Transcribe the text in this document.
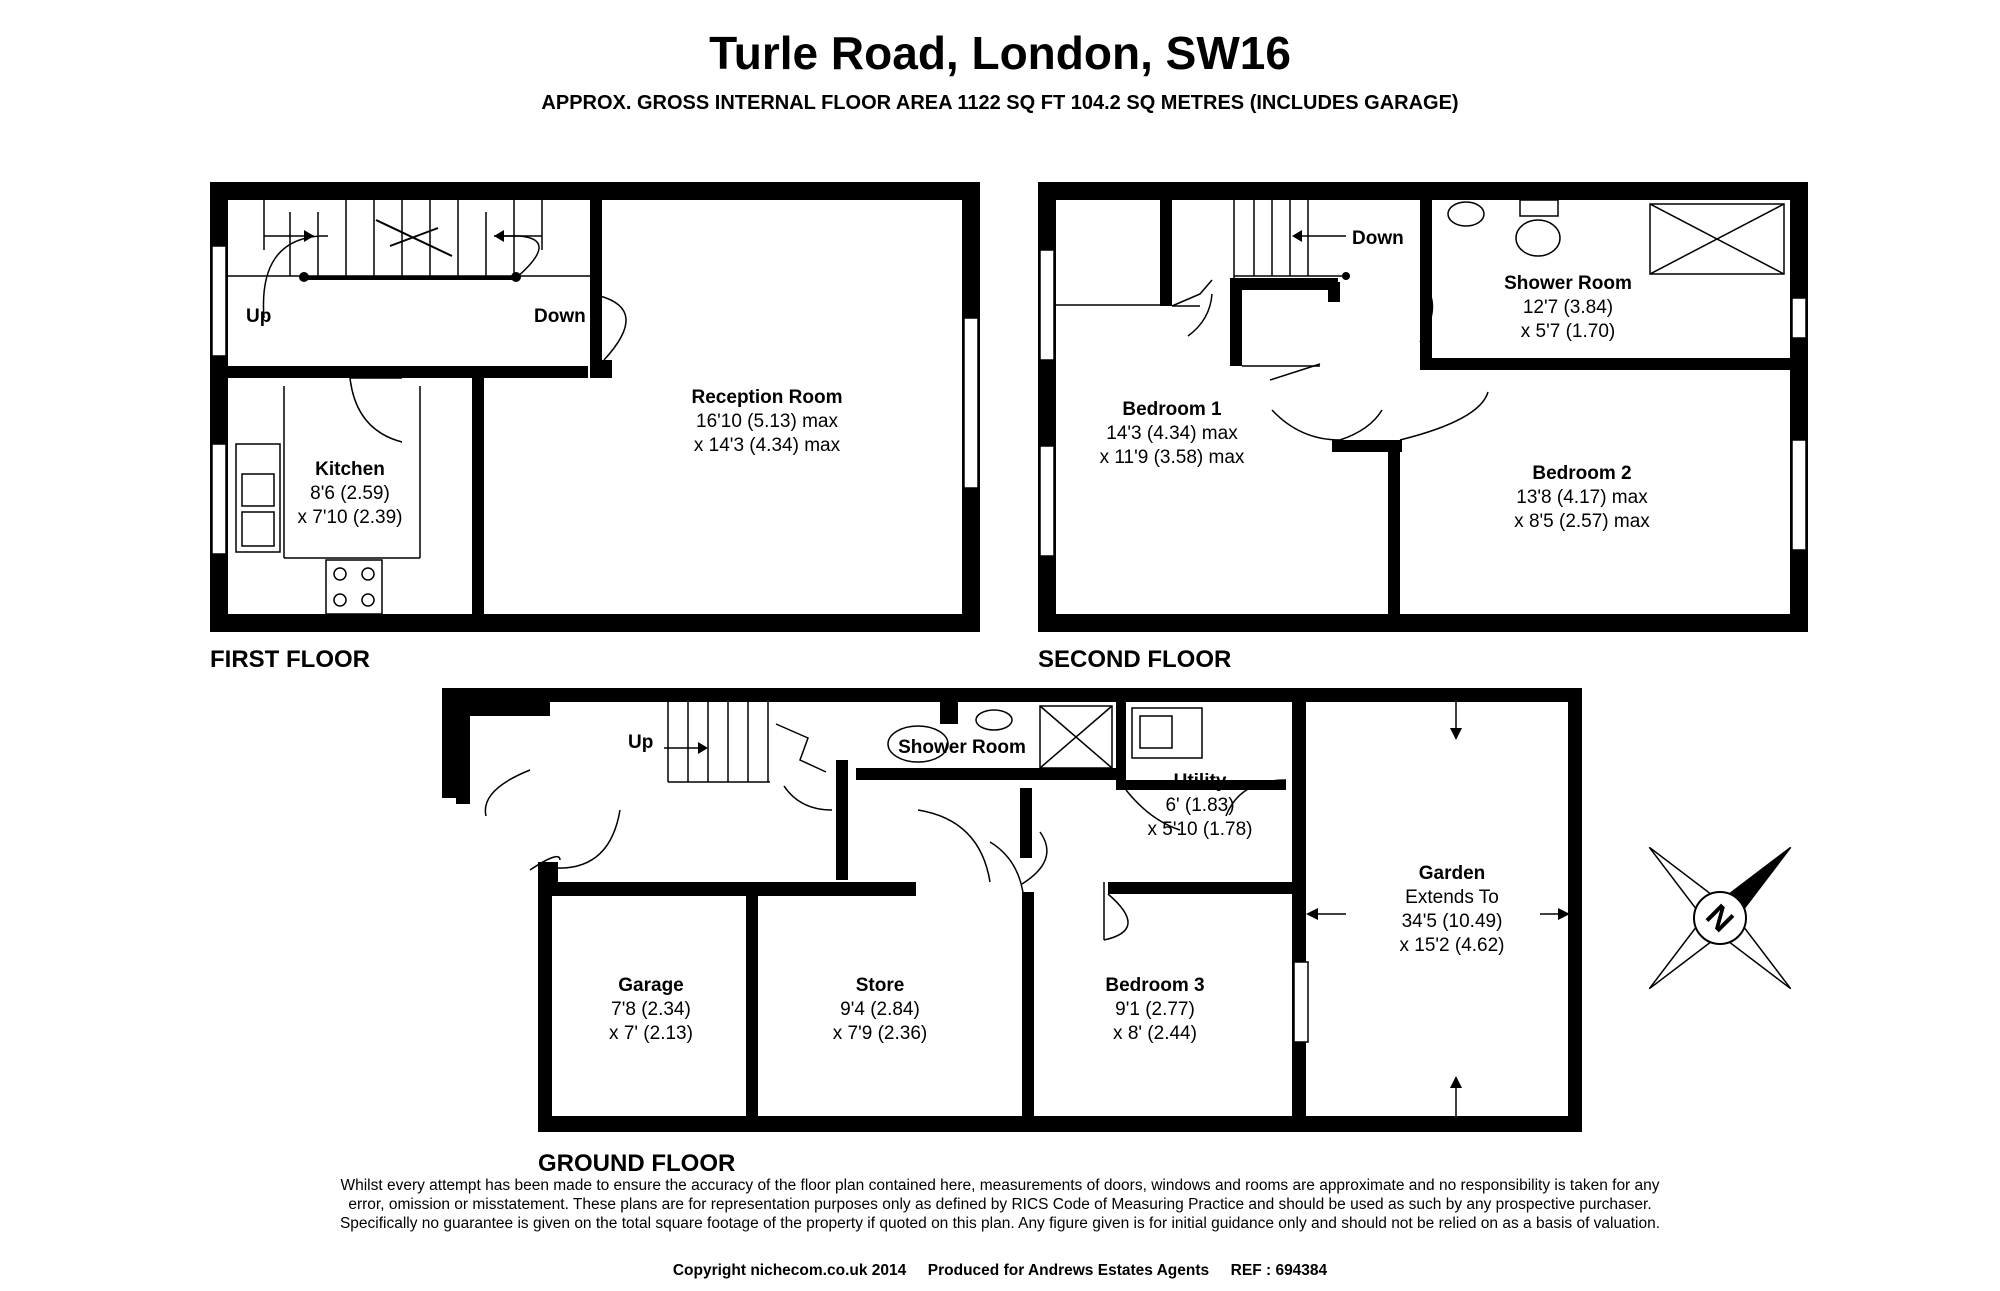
Turle Road, London, SW16
APPROX. GROSS INTERNAL FLOOR AREA 1122 SQ FT 104.2 SQ METRES (INCLUDES GARAGE)
N
FIRST FLOOR	SECOND FLOOR
GROUND FLOOR
Up	Down
Down
Up
Reception Room
16'10 (5.13) max
x 14'3 (4.34) max
Kitchen
8'6 (2.59)
x 7'10 (2.39)
Bedroom 1
14'3 (4.34) max
x 11'9 (3.58) max
Shower Room
12'7 (3.84)
x 5'7 (1.70)
Bedroom 2
13'8 (4.17) max
x 8'5 (2.57) max
Shower Room
Utility
6' (1.83)
x 5'10 (1.78)
Garden
Extends To
34'5 (10.49)
x 15'2 (4.62)
Garage
7'8 (2.34)
x 7' (2.13)
Store
9'4 (2.84)
x 7'9 (2.36)
Bedroom 3
9'1 (2.77)
x 8' (2.44)
Whilst every attempt has been made to ensure the accuracy of the floor plan contained here, measurements of doors, windows and rooms are approximate and no responsibility is taken for any
error, omission or misstatement. These plans are for representation purposes only as defined by RICS Code of Measuring Practice and should be used as such by any prospective purchaser.
Specifically no guarantee is given on the total square footage of the property if quoted on this plan. Any figure given is for initial guidance only and should not be relied on as a basis of valuation.
Copyright nichecom.co.uk 2014     Produced for Andrews Estates Agents     REF : 694384
